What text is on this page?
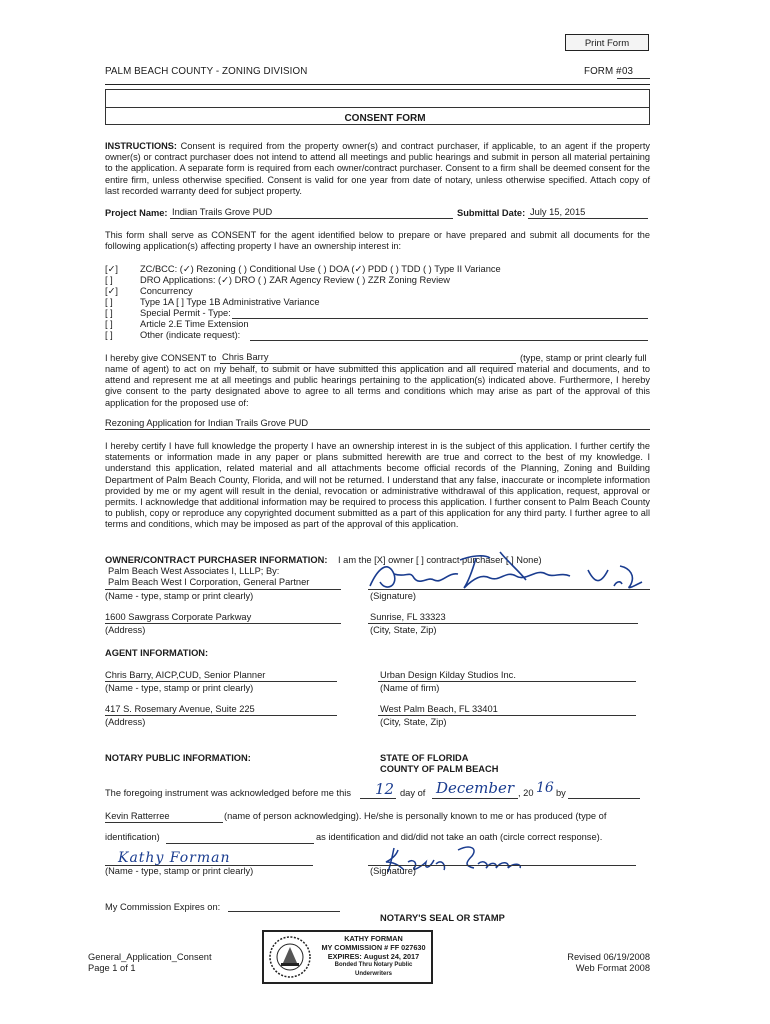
Print Form
PALM BEACH COUNTY - ZONING DIVISION	FORM # 03
CONSENT FORM
INSTRUCTIONS: Consent is required from the property owner(s) and contract purchaser, if applicable, to an agent if the property owner(s) or contract purchaser does not intend to attend all meetings and public hearings and submit in person all material pertaining to the application. A separate form is required from each owner/contract purchaser. Consent to a firm shall be deemed consent for the entire firm, unless otherwise specified. Consent is valid for one year from date of notary, unless otherwise specified. Attach copy of last recorded warranty deed for subject property.
Project Name: Indian Trails Grove PUD	Submittal Date: July 15, 2015
This form shall serve as CONSENT for the agent identified below to prepare or have prepared and submit all documents for the following application(s) affecting property I have an ownership interest in:
[✓] ZC/BCC: (✓) Rezoning ( ) Conditional Use ( ) DOA (✓) PDD ( ) TDD ( ) Type II Variance
[ ]	DRO Applications: (✓) DRO ( ) ZAR Agency Review ( ) ZZR Zoning Review
[✓] Concurrency
[ ]	Type 1A [ ] Type 1B Administrative Variance
[ ]	Special Permit - Type:
[ ]	Article 2.E Time Extension
[ ]	Other (indicate request):
I hereby give CONSENT to Chris Barry	(type, stamp or print clearly full
name of agent) to act on my behalf, to submit or have submitted this application and all required material and documents, and to attend and represent me at all meetings and public hearings pertaining to the application(s) indicated above. Furthermore, I hereby give consent to the party designated above to agree to all terms and conditions which may arise as part of the approval of this application for the proposed use of:
Rezoning Application for Indian Trails Grove PUD
I hereby certify I have full knowledge the property I have an ownership interest in is the subject of this application. I further certify the statements or information made in any paper or plans submitted herewith are true and correct to the best of my knowledge. I understand this application, related material and all attachments become official records of the Planning, Zoning and Building Department of Palm Beach County, Florida, and will not be returned. I understand that any false, inaccurate or incomplete information provided by me or my agent will result in the denial, revocation or administrative withdrawal of this application, request, approval or permits. I acknowledge that additional information may be required to process this application. I further consent to Palm Beach County to publish, copy or reproduce any copyrighted document submitted as a part of this application for any third party. I further agree to all terms and conditions, which may be imposed as part of the approval of this application.
OWNER/CONTRACT PURCHASER INFORMATION: I am the [X] owner [ ] contract purchaser [ ] None)
Palm Beach West Associates I, LLLP; By:
Palm Beach West I Corporation, General Partner
(Name - type, stamp or print clearly)	(Signature)
1600 Sawgrass Corporate Parkway
(Address)
Sunrise, FL 33323
(City, State, Zip)
AGENT INFORMATION:
Chris Barry, AICP,CUD, Senior Planner
(Name - type, stamp or print clearly)
Urban Design Kilday Studios Inc.
(Name of firm)
417 S. Rosemary Avenue, Suite 225
(Address)
West Palm Beach, FL 33401
(City, State, Zip)
NOTARY PUBLIC INFORMATION:	STATE OF FLORIDA
COUNTY OF PALM BEACH
The foregoing instrument was acknowledged before me this 12 day of December , 20 16 by
Kevin Ratterree	(name of person acknowledging). He/she is personally known to me or has produced (type of
identification)	as identification and did/did not take an oath (circle correct response).
Kathy Forman
(Name - type, stamp or print clearly)	(Signature)
My Commission Expires on:
NOTARY'S SEAL OR STAMP
KATHY FORMAN
MY COMMISSION # FF 027630
EXPIRES: August 24, 2017
Bonded Thru Notary Public Underwriters
General_Application_Consent
Page 1 of 1
Revised 06/19/2008
Web Format 2008
